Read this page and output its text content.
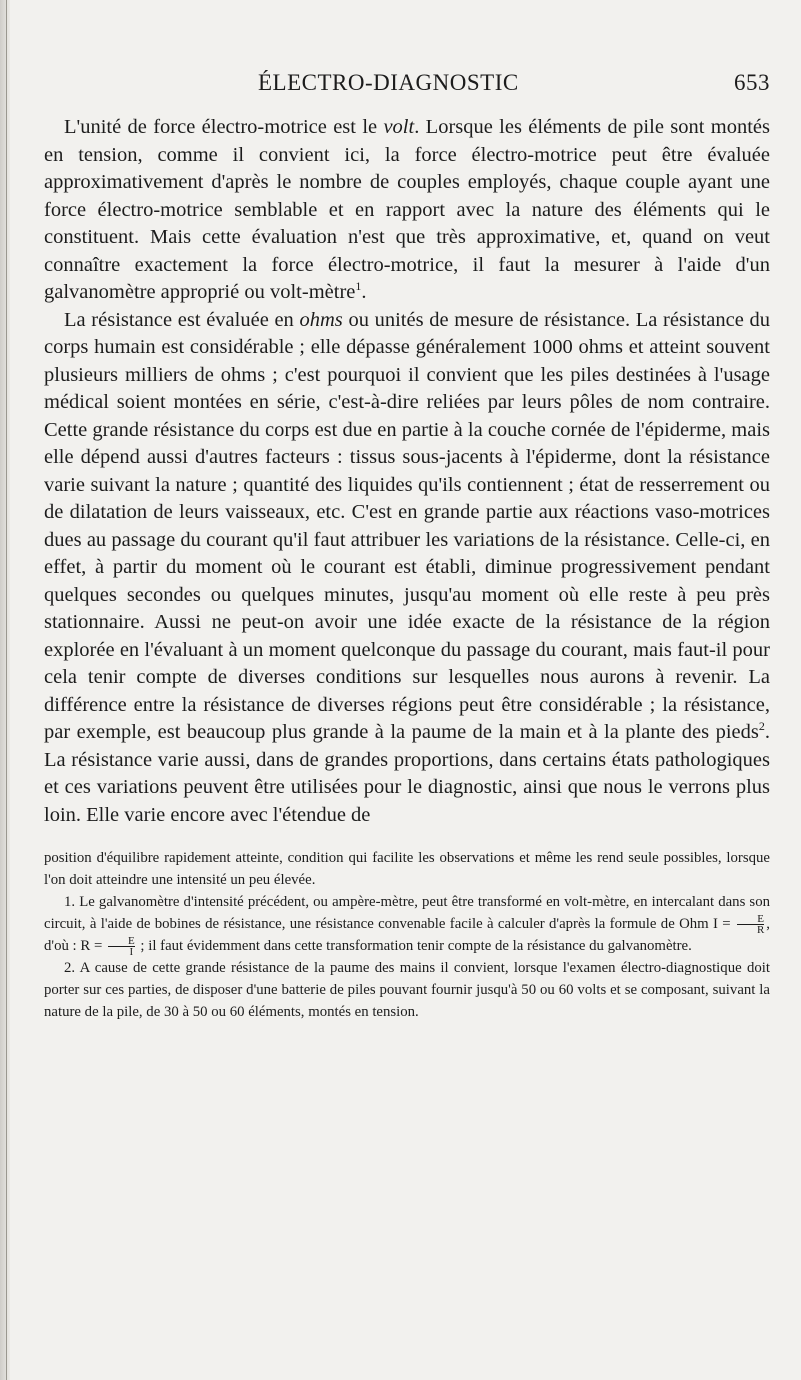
ÉLECTRO-DIAGNOSTIC	653

L'unité de force électro-motrice est le volt. Lorsque les éléments de pile sont montés en tension, comme il convient ici, la force électro-motrice peut être évaluée approximativement d'après le nombre de couples employés, chaque couple ayant une force électro-motrice semblable et en rapport avec la nature des éléments qui le constituent. Mais cette évaluation n'est que très approximative, et, quand on veut connaître exactement la force électro-motrice, il faut la mesurer à l'aide d'un galvanomètre approprié ou volt-mètre$^1$.

La résistance est évaluée en ohms ou unités de mesure de résistance. La résistance du corps humain est considérable ; elle dépasse généralement 1000 ohms et atteint souvent plusieurs milliers de ohms ; c'est pourquoi il convient que les piles destinées à l'usage médical soient montées en série, c'est-à-dire reliées par leurs pôles de nom contraire. Cette grande résistance du corps est due en partie à la couche cornée de l'épiderme, mais elle dépend aussi d'autres facteurs : tissus sous-jacents à l'épiderme, dont la résistance varie suivant la nature ; quantité des liquides qu'ils contiennent ; état de resserrement ou de dilatation de leurs vaisseaux, etc. C'est en grande partie aux réactions vaso-motrices dues au passage du courant qu'il faut attribuer les variations de la résistance. Celle-ci, en effet, à partir du moment où le courant est établi, diminue progressivement pendant quelques secondes ou quelques minutes, jusqu'au moment où elle reste à peu près stationnaire. Aussi ne peut-on avoir une idée exacte de la résistance de la région explorée en l'évaluant à un moment quelconque du passage du courant, mais faut-il pour cela tenir compte de diverses conditions sur lesquelles nous aurons à revenir. La différence entre la résistance de diverses régions peut être considérable ; la résistance, par exemple, est beaucoup plus grande à la paume de la main et à la plante des pieds$^2$. La résistance varie aussi, dans de grandes proportions, dans certains états pathologiques et ces variations peuvent être utilisées pour le diagnostic, ainsi que nous le verrons plus loin. Elle varie encore avec l'étendue de

position d'équilibre rapidement atteinte, condition qui facilite les observations et même les rend seule possibles, lorsque l'on doit atteindre une intensité un peu élevée.

1. Le galvanomètre d'intensité précédent, ou ampère-mètre, peut être transformé en volt-mètre, en intercalant dans son circuit, à l'aide de bobines de résistance, une résistance convenable facile à calculer d'après la formule de Ohm $I = \frac{E}{R}$ , d'où : $R = \frac{E}{I}$ ; il faut évidemment dans cette transformation tenir compte de la résistance du galvanomètre.

2. A cause de cette grande résistance de la paume des mains il convient, lorsque l'examen électro-diagnostique doit porter sur ces parties, de disposer d'une batterie de piles pouvant fournir jusqu'à 50 ou 60 volts et se composant, suivant la nature de la pile, de 30 à 50 ou 60 éléments, montés en tension.
